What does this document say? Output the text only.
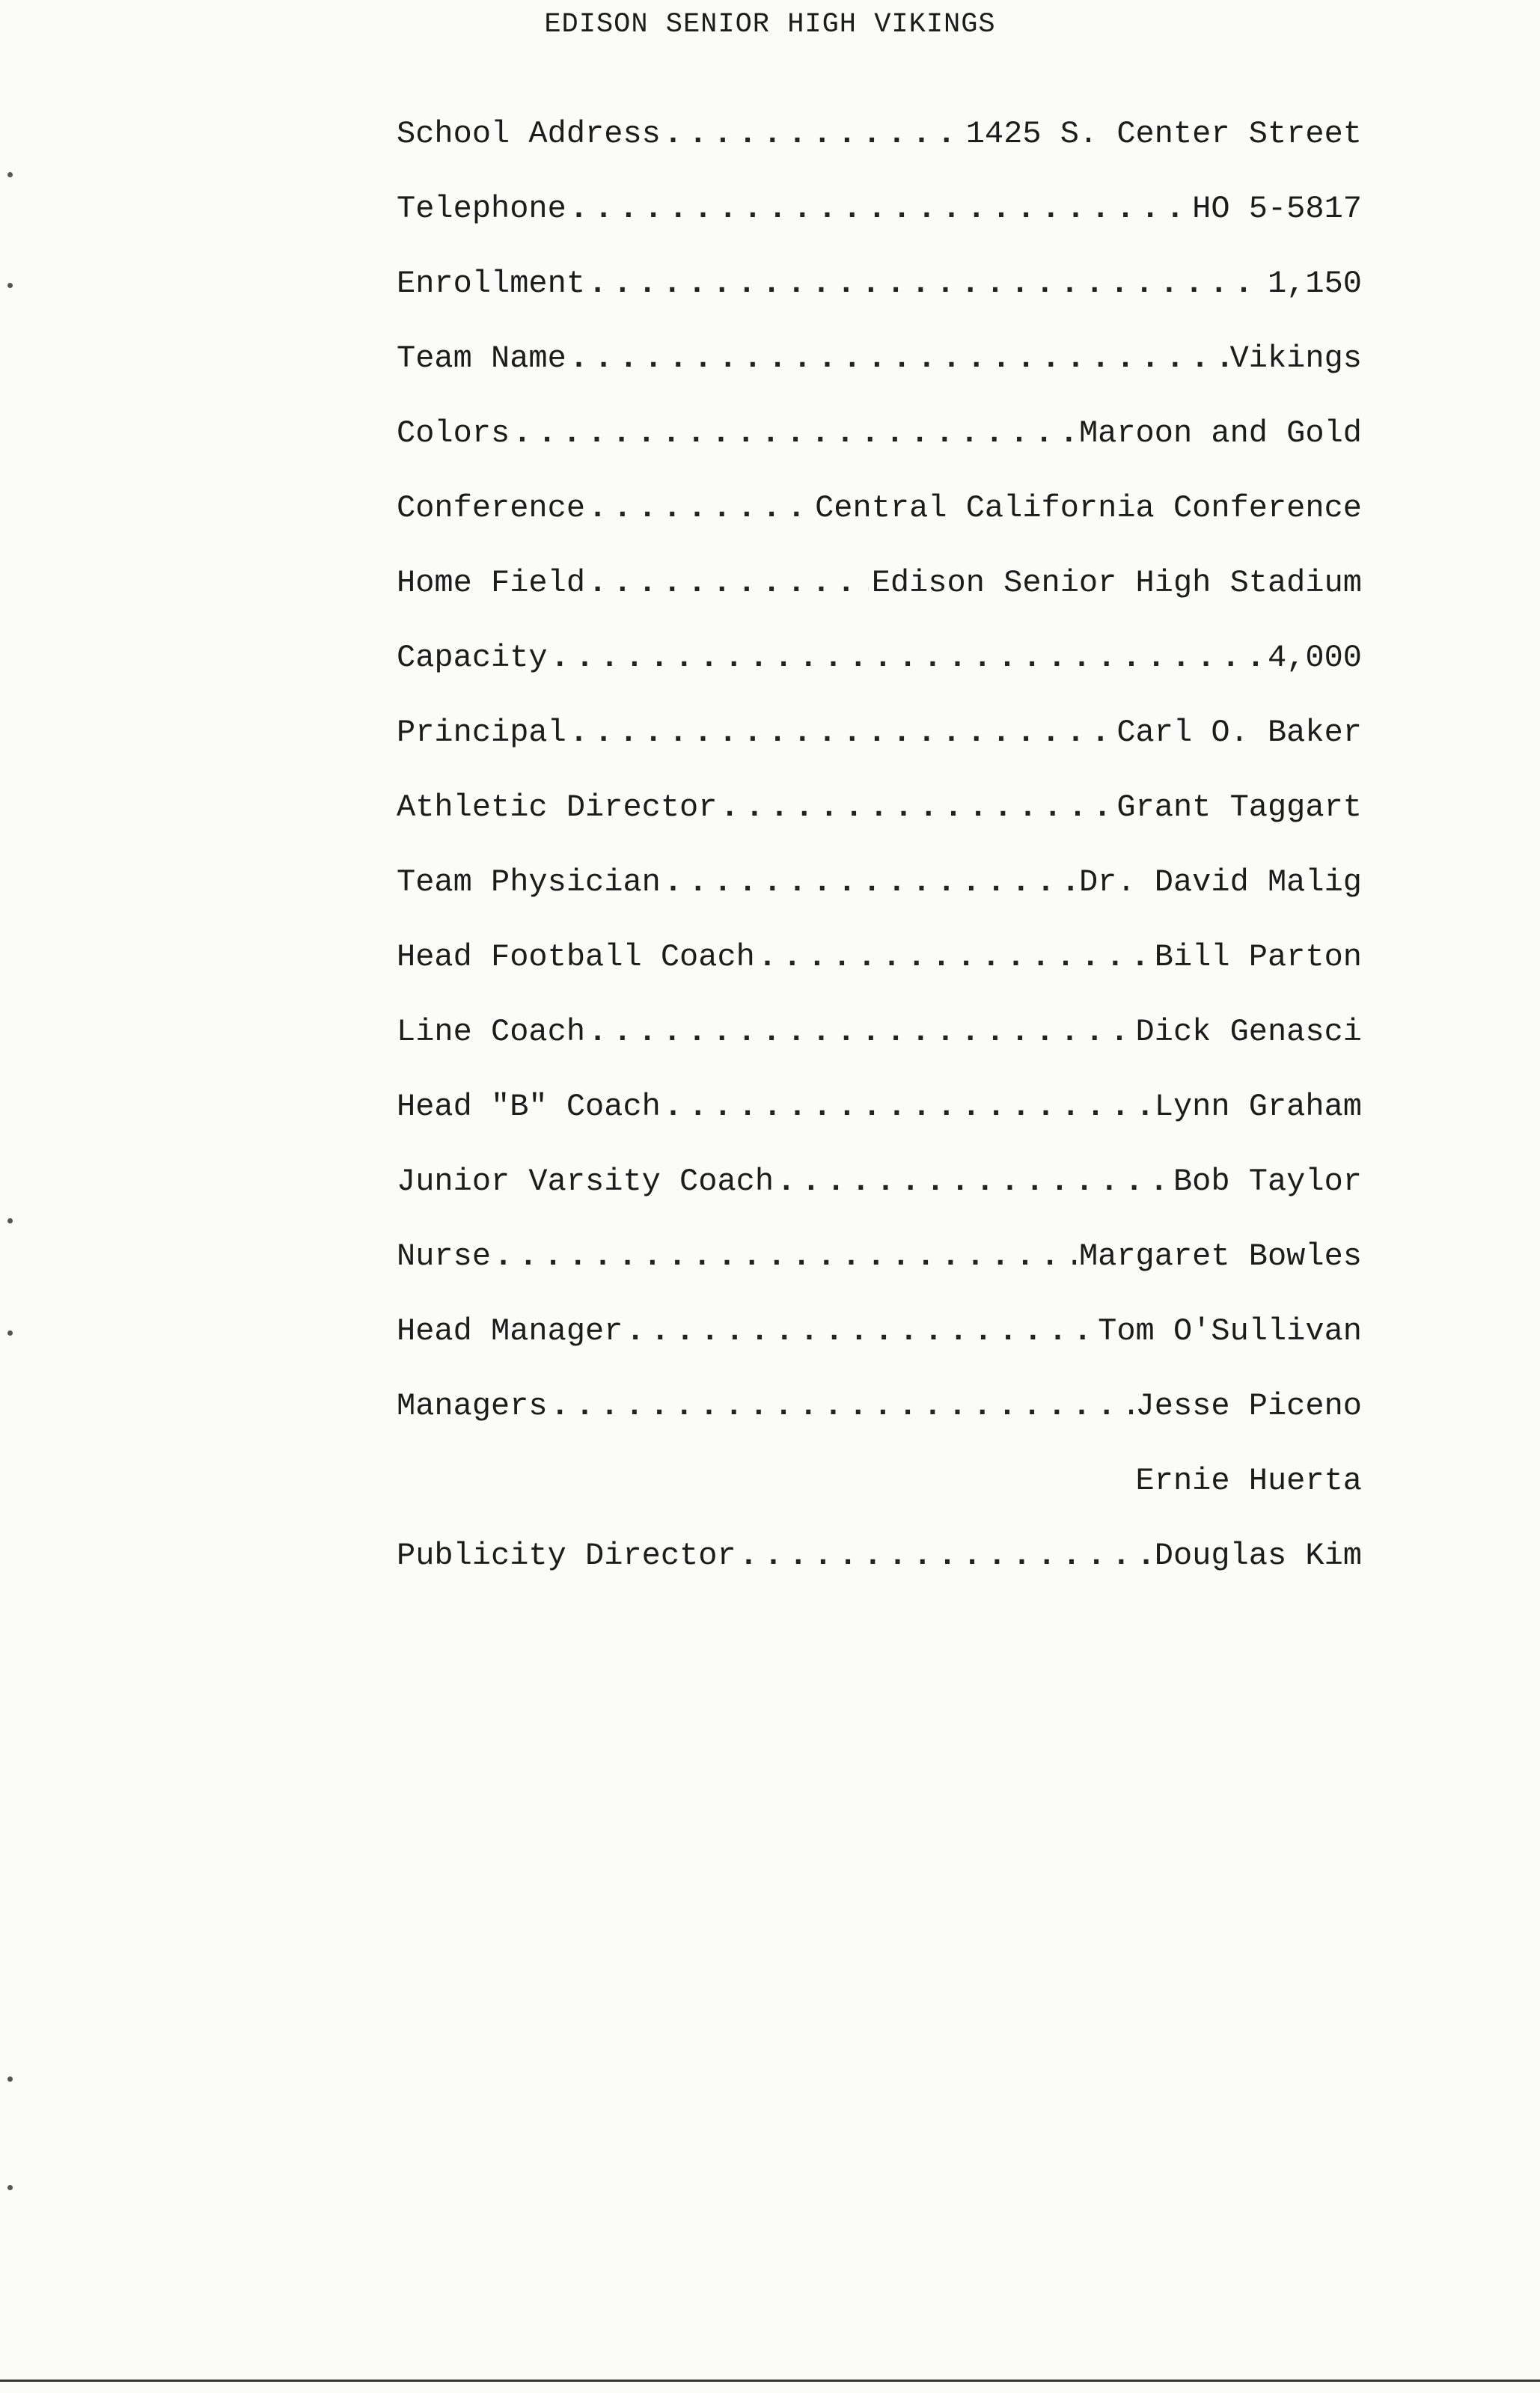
EDISON SENIOR HIGH VIKINGS
School Address .....	1425 S. Center Street
Telephone .....	HO 5-5817
Enrollment .....	1,150
Team Name .....	Vikings
Colors .....	Maroon and Gold
Conference .....	Central California Conference
Home Field .....	Edison Senior High Stadium
Capacity .....	4,000
Principal .....	Carl O. Baker
Athletic Director .....	Grant Taggart
Team Physician .....	Dr. David Malig
Head Football Coach .....	Bill Parton
Line Coach .....	Dick Genasci
Head "B" Coach .....	Lynn Graham
Junior Varsity Coach .....	Bob Taylor
Nurse .....	Margaret Bowles
Head Manager .....	Tom O'Sullivan
Managers .....	Jesse Piceno
Ernie Huerta
Publicity Director .....	Douglas Kim
